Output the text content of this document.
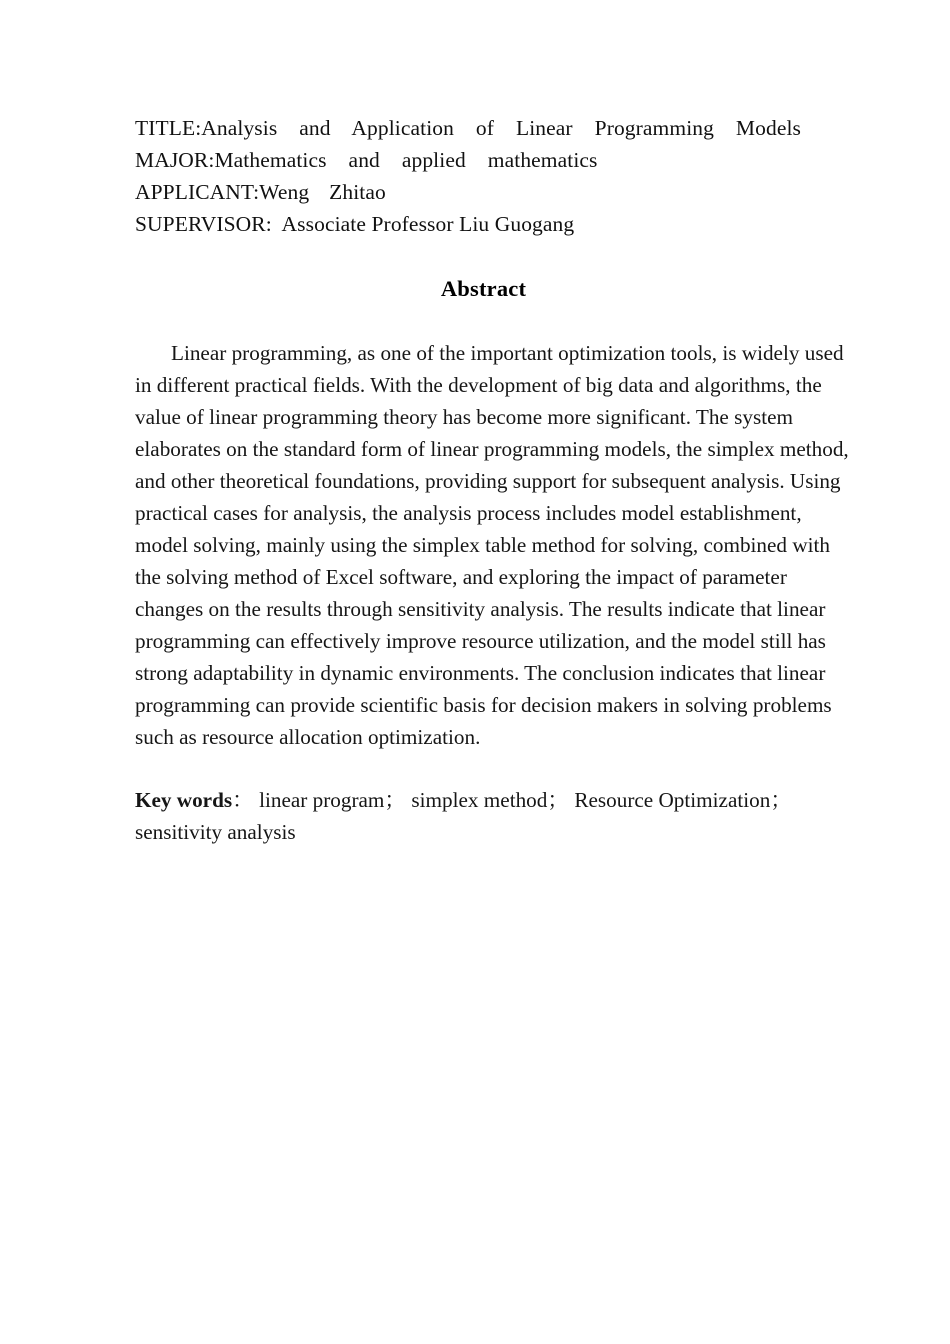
TITLE:Analysis  and  Application  of  Linear  Programming  Models
MAJOR:Mathematics  and  applied  mathematics
APPLICANT:Weng  Zhitao
SUPERVISOR:  Associate Professor Liu Guogang
Abstract

Linear programming, as one of the important optimization tools, is widely used in different practical fields. With the development of big data and algorithms, the value of linear programming theory has become more significant. The system elaborates on the standard form of linear programming models, the simplex method, and other theoretical foundations, providing support for subsequent analysis. Using practical cases for analysis, the analysis process includes model establishment, model solving, mainly using the simplex table method for solving, combined with the solving method of Excel software, and exploring the impact of parameter changes on the results through sensitivity analysis. The results indicate that linear programming can effectively improve resource utilization, and the model still has strong adaptability in dynamic environments. The conclusion indicates that linear programming can provide scientific basis for decision makers in solving problems such as resource allocation optimization.

Key words： linear program； simplex method； Resource Optimization； sensitivity analysis
